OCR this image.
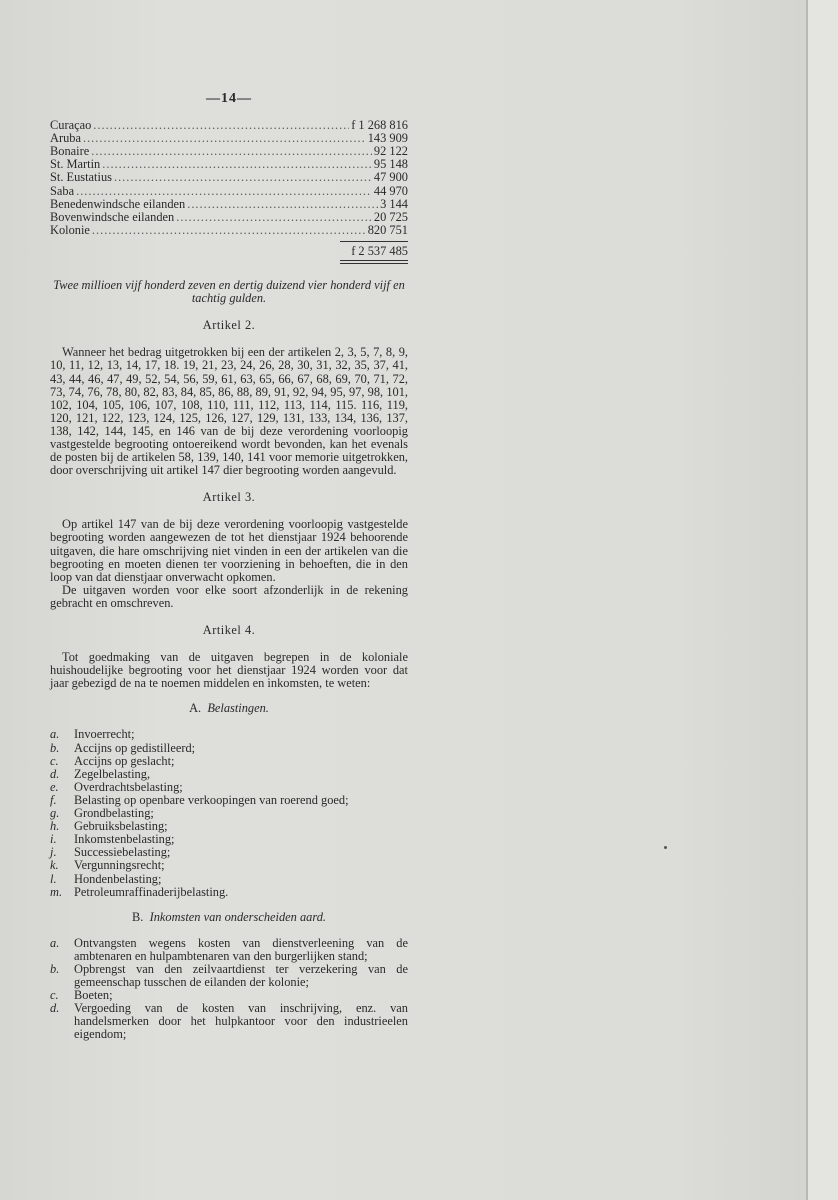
—14—
Curaçao .....	f 1 268 816
Aruba .....	143 909
Bonaire .....	92 122
St. Martin .....	95 148
St. Eustatius .....	47 900
Saba .....	44 970
Benedenwindsche eilanden .....	3 144
Bovenwindsche eilanden .....	20 725
Kolonie .....	820 751
f 2 537 485
Twee millioen vijf honderd zeven en dertig duizend vier honderd vijf en tachtig gulden.
Artikel 2.
Wanneer het bedrag uitgetrokken bij een der artikelen 2, 3, 5, 7, 8, 9, 10, 11, 12, 13, 14, 17, 18. 19, 21, 23, 24, 26, 28, 30, 31, 32, 35, 37, 41, 43, 44, 46, 47, 49, 52, 54, 56, 59, 61, 63, 65, 66, 67, 68, 69, 70, 71, 72, 73, 74, 76, 78, 80, 82, 83, 84, 85, 86, 88, 89, 91, 92, 94, 95, 97, 98, 101, 102, 104, 105, 106, 107, 108, 110, 111, 112, 113, 114, 115. 116, 119, 120, 121, 122, 123, 124, 125, 126, 127, 129, 131, 133, 134, 136, 137, 138, 142, 144, 145, en 146 van de bij deze verordening voorloopig vastgestelde begrooting ontoereikend wordt bevonden, kan het evenals de posten bij de artikelen 58, 139, 140, 141 voor memorie uitgetrokken, door overschrijving uit artikel 147 dier begrooting worden aangevuld.
Artikel 3.
Op artikel 147 van de bij deze verordening voorloopig vastgestelde begrooting worden aangewezen de tot het dienstjaar 1924 behoorende uitgaven, die hare omschrijving niet vinden in een der artikelen van die begrooting en moeten dienen ter voorziening in behoeften, die in den loop van dat dienstjaar onverwacht opkomen.
De uitgaven worden voor elke soort afzonderlijk in de rekening gebracht en omschreven.
Artikel 4.
Tot goedmaking van de uitgaven begrepen in de koloniale huishoudelijke begrooting voor het dienstjaar 1924 worden voor dat jaar gebezigd de na te noemen middelen en inkomsten, te weten:
A. Belastingen.
a.	Invoerrecht;
b.	Accijns op gedistilleerd;
c.	Accijns op geslacht;
d.	Zegelbelasting,
e.	Overdrachtsbelasting;
f.	Belasting op openbare verkoopingen van roerend goed;
g.	Grondbelasting;
h.	Gebruiksbelasting;
i.	Inkomstenbelasting;
j.	Successiebelasting;
k.	Vergunningsrecht;
l.	Hondenbelasting;
m. Petroleumraffinaderijbelasting.
B. Inkomsten van onderscheiden aard.
a.	Ontvangsten wegens kosten van dienstverleening van de ambtenaren en hulpambtenaren van den burgerlijken stand;
b.	Opbrengst van den zeilvaartdienst ter verzekering van de gemeenschap tusschen de eilanden der kolonie;
c.	Boeten;
d.	Vergoeding van de kosten van inschrijving, enz. van handelsmerken door het hulpkantoor voor den industrieelen eigendom;
